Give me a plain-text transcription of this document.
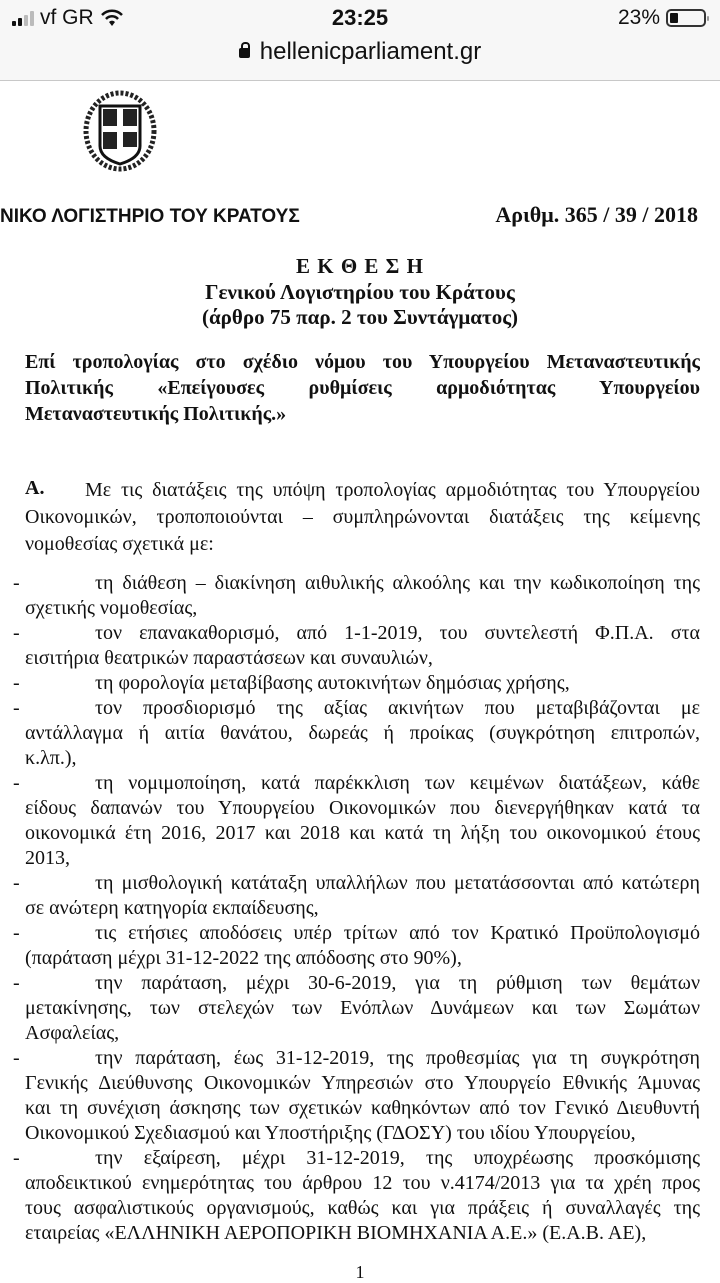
vf GR	23:25	23%
hellenicparliament.gr
ΝΙΚΟ ΛΟΓΙΣΤΗΡΙΟ ΤΟΥ ΚΡΑΤΟΥΣ	Αριθμ. 365 / 39 / 2018
Ε Κ Θ Ε Σ Η
Γενικού Λογιστηρίου του Κράτους
(άρθρο 75 παρ. 2 του Συντάγματος)
Επί τροπολογίας στο σχέδιο νόμου του Υπουργείου Μεταναστευτικής
Πολιτικής «Επείγουσες ρυθμίσεις αρμοδιότητας Υπουργείου
Μεταναστευτικής Πολιτικής.»
Α. Με τις διατάξεις της υπόψη τροπολογίας αρμοδιότητας του Υπουργείου
Οικονομικών, τροποποιούνται – συμπληρώνονται διατάξεις της κείμενης
νομοθεσίας σχετικά με:
-	τη διάθεση – διακίνηση αιθυλικής αλκοόλης και την κωδικοποίηση της
σχετικής νομοθεσίας,
-	τον επανακαθορισμό, από 1-1-2019, του συντελεστή Φ.Π.Α. στα
εισιτήρια θεατρικών παραστάσεων και συναυλιών,
-	τη φορολογία μεταβίβασης αυτοκινήτων δημόσιας χρήσης,
-	τον προσδιορισμό της αξίας ακινήτων που μεταβιβάζονται με
αντάλλαγμα ή αιτία θανάτου, δωρεάς ή προίκας (συγκρότηση επιτροπών,
κ.λπ.),
-	τη νομιμοποίηση, κατά παρέκκλιση των κειμένων διατάξεων, κάθε
είδους δαπανών του Υπουργείου Οικονομικών που διενεργήθηκαν κατά τα
οικονομικά έτη 2016, 2017 και 2018 και κατά τη λήξη του οικονομικού έτους
2013,
-	τη μισθολογική κατάταξη υπαλλήλων που μετατάσσονται από κατώτερη
σε ανώτερη κατηγορία εκπαίδευσης,
-	τις ετήσιες αποδόσεις υπέρ τρίτων από τον Κρατικό Προϋπολογισμό
(παράταση μέχρι 31-12-2022 της απόδοσης στο 90%),
-	την παράταση, μέχρι 30-6-2019, για τη ρύθμιση των θεμάτων
μετακίνησης, των στελεχών των Ενόπλων Δυνάμεων και των Σωμάτων
Ασφαλείας,
-	την παράταση, έως 31-12-2019, της προθεσμίας για τη συγκρότηση
Γενικής Διεύθυνσης Οικονομικών Υπηρεσιών στο Υπουργείο Εθνικής Άμυνας
και τη συνέχιση άσκησης των σχετικών καθηκόντων από τον Γενικό Διευθυντή
Οικονομικού Σχεδιασμού και Υποστήριξης (ΓΔΟΣΥ) του ιδίου Υπουργείου,
-	την εξαίρεση, μέχρι 31-12-2019, της υποχρέωσης προσκόμισης
αποδεικτικού ενημερότητας του άρθρου 12 του ν.4174/2013 για τα χρέη προς
τους ασφαλιστικούς οργανισμούς, καθώς και για πράξεις ή συναλλαγές της
εταιρείας «ΕΛΛΗΝΙΚΗ ΑΕΡΟΠΟΡΙΚΗ ΒΙΟΜΗΧΑΝΙΑ Α.Ε.» (Ε.Α.Β. ΑΕ),
1
